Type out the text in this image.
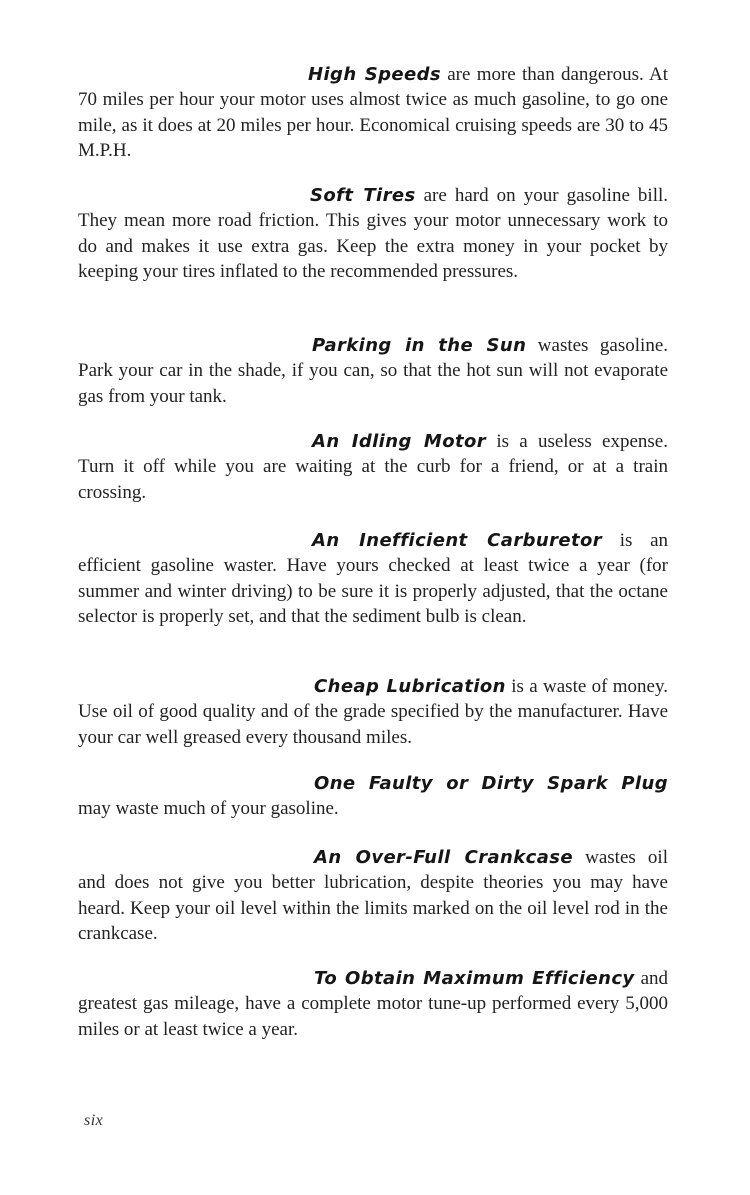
High Speeds are more than dangerous. At 70 miles per hour your motor uses almost twice as much gasoline, to go one mile, as it does at 20 miles per hour. Economical cruising speeds are 30 to 45 M.P.H.

Soft Tires are hard on your gasoline bill. They mean more road friction. This gives your motor unnecessary work to do and makes it use extra gas. Keep the extra money in your pocket by keeping your tires inflated to the recommended pressures.

Parking in the Sun wastes gasoline. Park your car in the shade, if you can, so that the hot sun will not evaporate gas from your tank.

An Idling Motor is a useless expense. Turn it off while you are waiting at the curb for a friend, or at a train crossing.

An Inefficient Carburetor is an efficient gasoline waster. Have yours checked at least twice a year (for summer and winter driving) to be sure it is properly adjusted, that the octane selector is properly set, and that the sediment bulb is clean.

Cheap Lubrication is a waste of money. Use oil of good quality and of the grade specified by the manufacturer. Have your car well greased every thousand miles.

One Faulty or Dirty Spark Plug may waste much of your gasoline.

An Over-Full Crankcase wastes oil and does not give you better lubrication, despite theories you may have heard. Keep your oil level within the limits marked on the oil level rod in the crankcase.

To Obtain Maximum Efficiency and greatest gas mileage, have a complete motor tune-up performed every 5,000 miles or at least twice a year.

six
